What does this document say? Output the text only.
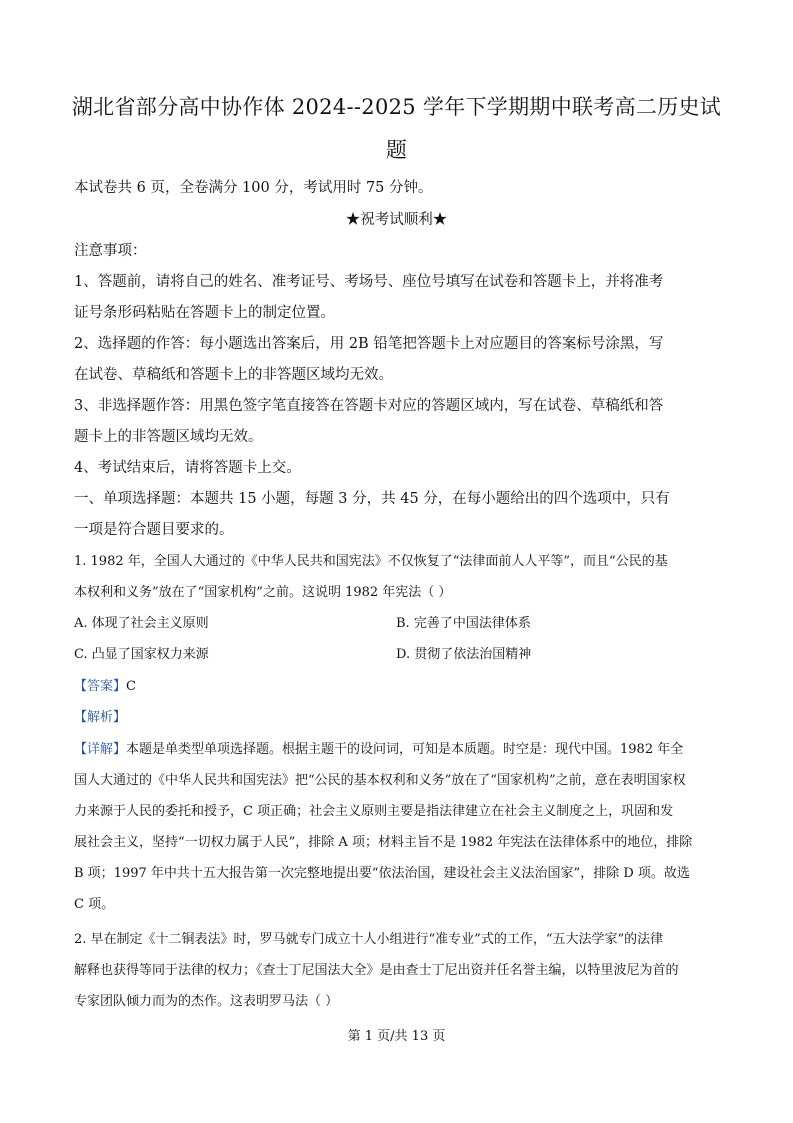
湖北省部分高中协作体 2024--2025 学年下学期期中联考高二历史试
题
本试卷共 6 页，全卷满分 100 分，考试用时 75 分钟。
★祝考试顺利★
注意事项：
1、答题前，请将自己的姓名、准考证号、考场号、座位号填写在试卷和答题卡上，并将准考
证号条形码粘贴在答题卡上的制定位置。
2、选择题的作答：每小题选出答案后，用 2B 铅笔把答题卡上对应题目的答案标号涂黑，写
在试卷、草稿纸和答题卡上的非答题区域均无效。
3、非选择题作答：用黑色签字笔直接答在答题卡对应的答题区域内，写在试卷、草稿纸和答
题卡上的非答题区域均无效。
4、考试结束后，请将答题卡上交。
一、单项选择题：本题共 15 小题，每题 3 分，共 45 分，在每小题给出的四个选项中，只有
一项是符合题目要求的。
1. 1982 年，全国人大通过的《中华人民共和国宪法》不仅恢复了“法律面前人人平等”，而且“公民的基
本权利和义务”放在了“国家机构”之前。这说明 1982 年宪法（ ）
A. 体现了社会主义原则	B. 完善了中国法律体系
C. 凸显了国家权力来源	D. 贯彻了依法治国精神
【答案】C
【解析】
【详解】本题是单类型单项选择题。根据主题干的设问词，可知是本质题。时空是：现代中国。1982 年全
国人大通过的《中华人民共和国宪法》把“公民的基本权利和义务”放在了“国家机构”之前，意在表明国家权
力来源于人民的委托和授予，C 项正确；社会主义原则主要是指法律建立在社会主义制度之上，巩固和发
展社会主义，坚持“一切权力属于人民”，排除 A 项；材料主旨不是 1982 年宪法在法律体系中的地位，排除
B 项；1997 年中共十五大报告第一次完整地提出要“依法治国，建设社会主义法治国家”，排除 D 项。故选
C 项。
2. 早在制定《十二铜表法》时，罗马就专门成立十人小组进行“准专业”式的工作，“五大法学家”的法律
解释也获得等同于法律的权力；《查士丁尼国法大全》是由查士丁尼出资并任名誉主编，以特里波尼为首的
专家团队倾力而为的杰作。这表明罗马法（ ）
第 1 页/共 13 页
